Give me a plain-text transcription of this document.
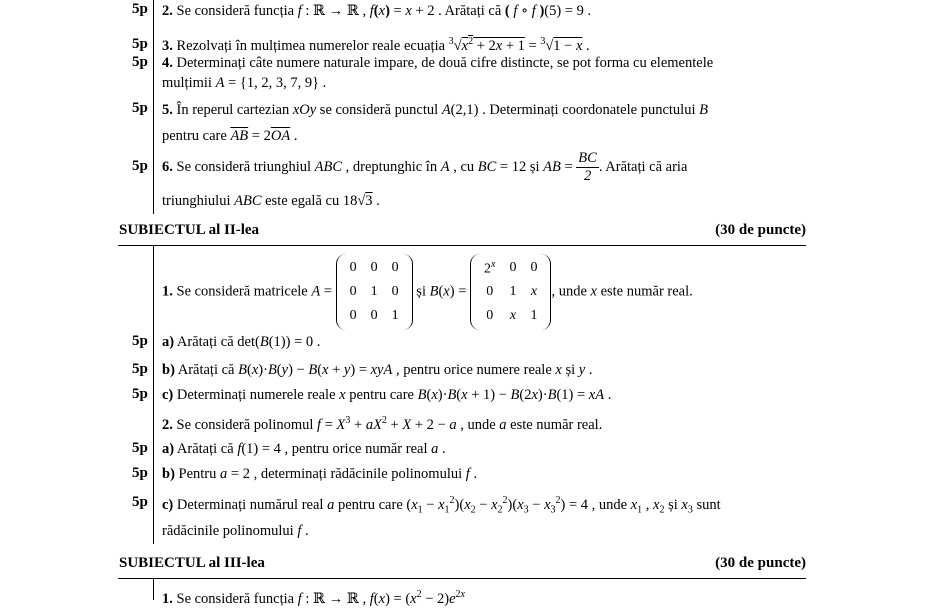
5p 2. Se consideră funcția f : ℝ → ℝ , f(x) = x + 2 . Arătați că ( f ∘ f )(5) = 9 .
5p 3. Rezolvați în mulțimea numerelor reale ecuația $^3√x^2 + 2x + 1 = ^3√1 - x$ .
5p 4. Determinați câte numere naturale impare, de două cifre distincte, se pot forma cu elementele
mulțimii A = {1, 2, 3, 7, 9} .
5p 5. În reperul cartezian xOy se consideră punctul A(2,1) . Determinați coordonatele punctului B
pentru care $\overline{AB} = 2\overline{OA}$ .
5p 6. Se consideră triunghiul ABC , dreptunghic în A , cu BC = 12 și AB = $\frac{BC}{2}$ . Arătați că aria
triunghiului ABC este egală cu 18√3 .
SUBIECTUL al II-lea	(30 de puncte)
1. Se consideră matricele A =
0	0	0
0	1	0
0	0	1
și B(x) =
2$^x$	0	0
0	1	x
0	x	1
, unde x este număr real.
5p a) Arătați că det(B(1)) = 0 .
5p b) Arătați că B(x)·B(y) − B(x + y) = xyA , pentru orice numere reale x și y .
5p c) Determinați numerele reale x pentru care B(x)·B(x + 1) − B(2x)·B(1) = xA .
2. Se consideră polinomul $f = X^3 + aX^2 + X + 2 - a$ , unde a este număr real.
5p a) Arătați că f(1) = 4 , pentru orice număr real a .
5p b) Pentru a = 2 , determinați rădăcinile polinomului f .
5p c) Determinați numărul real a pentru care $(x_1 - x_1^2)(x_2 - x_2^2)(x_3 - x_3^2) = 4$ , unde $x_1$ , $x_2$ și $x_3$ sunt
rădăcinile polinomului f .
SUBIECTUL al III-lea	(30 de puncte)
1. Se consideră funcția f : ℝ → ℝ , $f(x) = (x^2 - 2)e^{2x}$
